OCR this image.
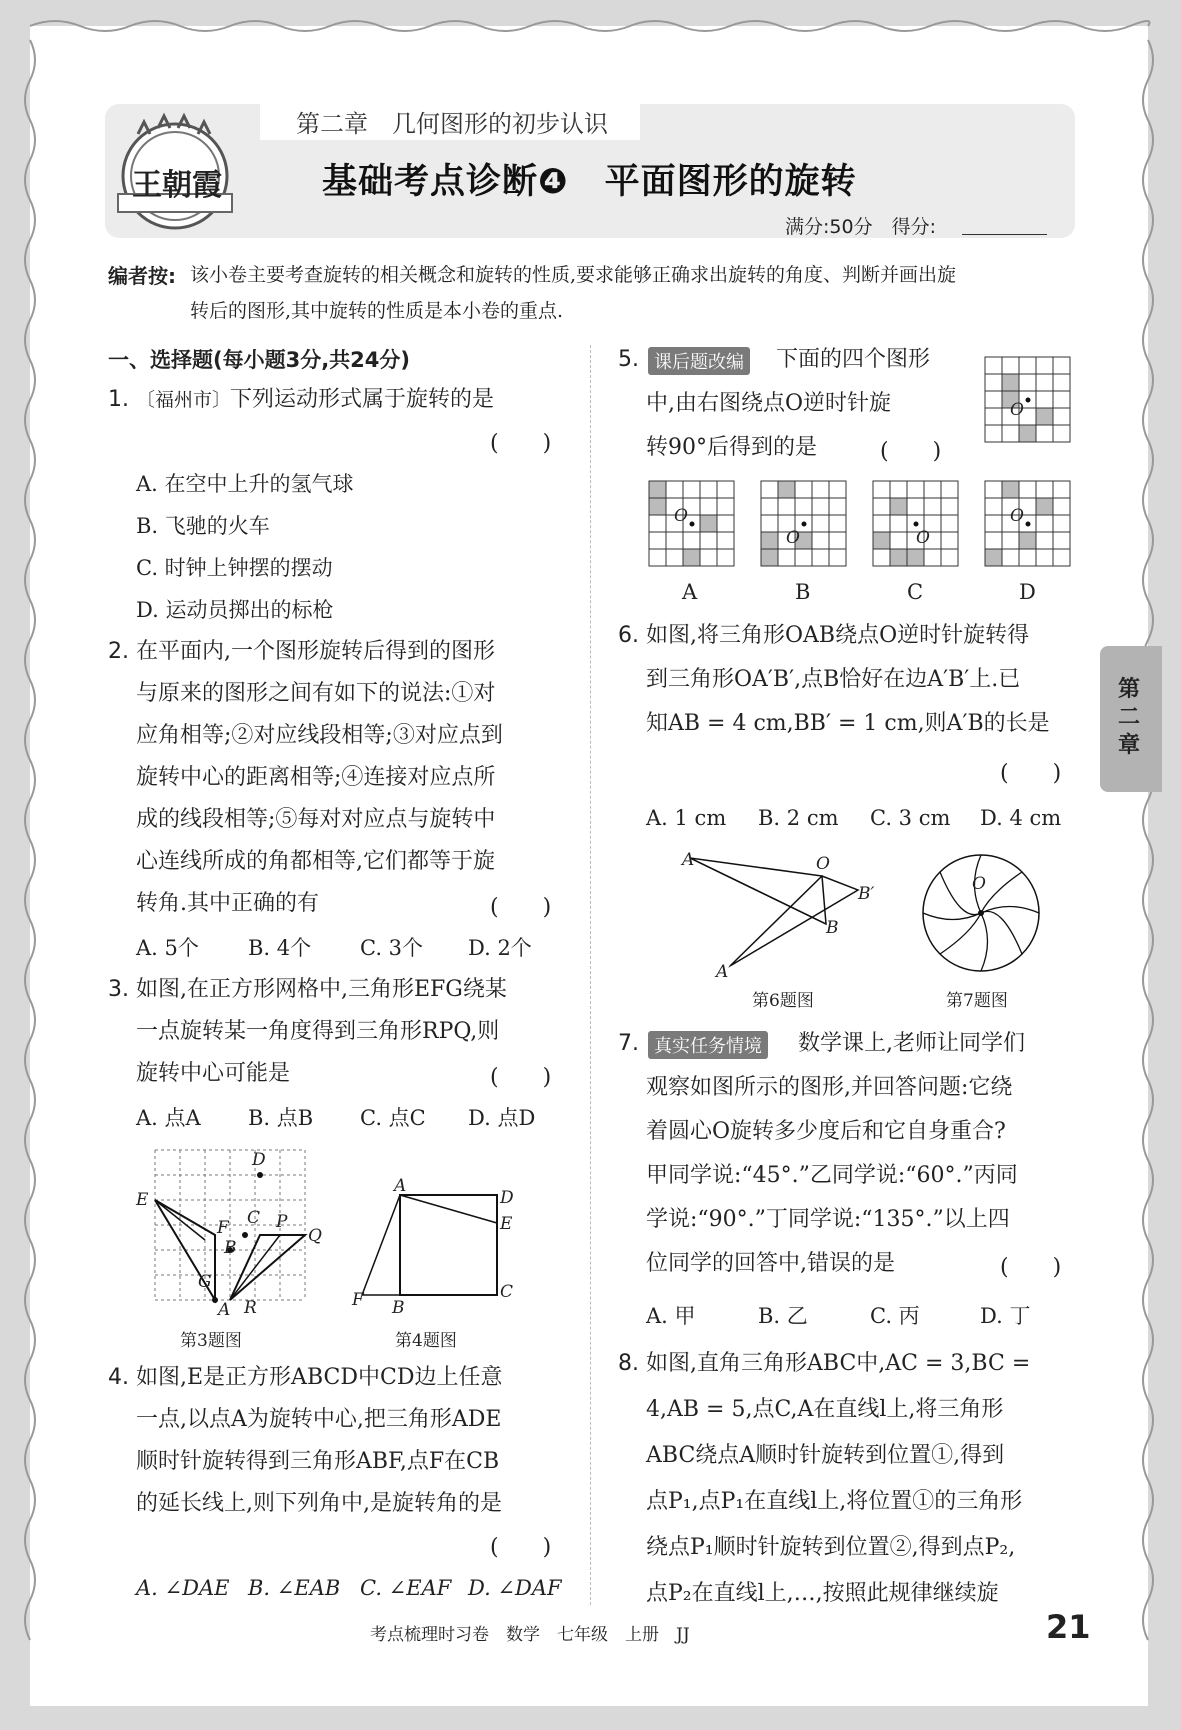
第二章　几何图形的初步认识
王朝霞	基础考点诊断❹　平面图形的旋转
满分:50分　得分:
第
二
章
编者按: 该小卷主要考查旋转的相关概念和旋转的性质,要求能够正确求出旋转的角度、判断并画出旋
转后的图形,其中旋转的性质是本小卷的重点.
一、选择题(每小题3分,共24分)
1. 〔福州市〕
下列运动形式属于旋转的是
(　　)
A. 在空中上升的氢气球
B. 飞驰的火车
C. 时钟上钟摆的摆动
D. 运动员掷出的标枪
2. 在平面内,一个图形旋转后得到的图形
与原来的图形之间有如下的说法:①对
应角相等;②对应线段相等;③对应点到
旋转中心的距离相等;④连接对应点所
成的线段相等;⑤每对对应点与旋转中
心连线所成的角都相等,它们都等于旋
转角.其中正确的有	(　　)
A. 5个 B. 4个 C. 3个 D. 2个
3. 如图,在正方形网格中,三角形EFG绕某
一点旋转某一角度得到三角形RPQ,则
旋转中心可能是	(　　)
A. 点A B. 点B C. 点C D. 点D
D
E
F C P
Q
B
G
A R
第3题图
A
D
E
F B
C
第4题图
4. 如图,E是正方形ABCD中CD边上任意
一点,以点A为旋转中心,把三角形ADE
顺时针旋转得到三角形ABF,点F在CB
的延长线上,则下列角中,是旋转角的是
(　　)
A. ∠DAE B. ∠EAB C. ∠EAF D. ∠DAF
5. 课后题改编 下面的四个图形
中,由右图绕点O逆时针旋
转90°后得到的是	(　　)
O
O
O	O
O
A	B	C	D
6. 如图,将三角形OAB绕点O逆时针旋转得
到三角形OA′B′,点B恰好在边A′B′上.已
知AB = 4 cm,BB′ = 1 cm,则A′B的长是
(　　)
A. 1 cm B. 2 cm C. 3 cm D. 4 cm
A	O
B′
B
A′
第6题图
O
第7题图
7. 真实任务情境 数学课上,老师让同学们
观察如图所示的图形,并回答问题:它绕
着圆心O旋转多少度后和它自身重合?
甲同学说:“45°.”乙同学说:“60°.”丙同
学说:“90°.”丁同学说:“135°.”以上四
位同学的回答中,错误的是	(　　)
A. 甲	B. 乙	C. 丙	D. 丁
8. 如图,直角三角形ABC中,AC = 3,BC =
4,AB = 5,点C,A在直线l上,将三角形
ABC绕点A顺时针旋转到位置①,得到
点P₁,点P₁在直线l上,将位置①的三角形
绕点P₁顺时针旋转到位置②,得到点P₂,
点P₂在直线l上,…,按照此规律继续旋
考点梳理时习卷　数学　七年级　上册　JJ	21
